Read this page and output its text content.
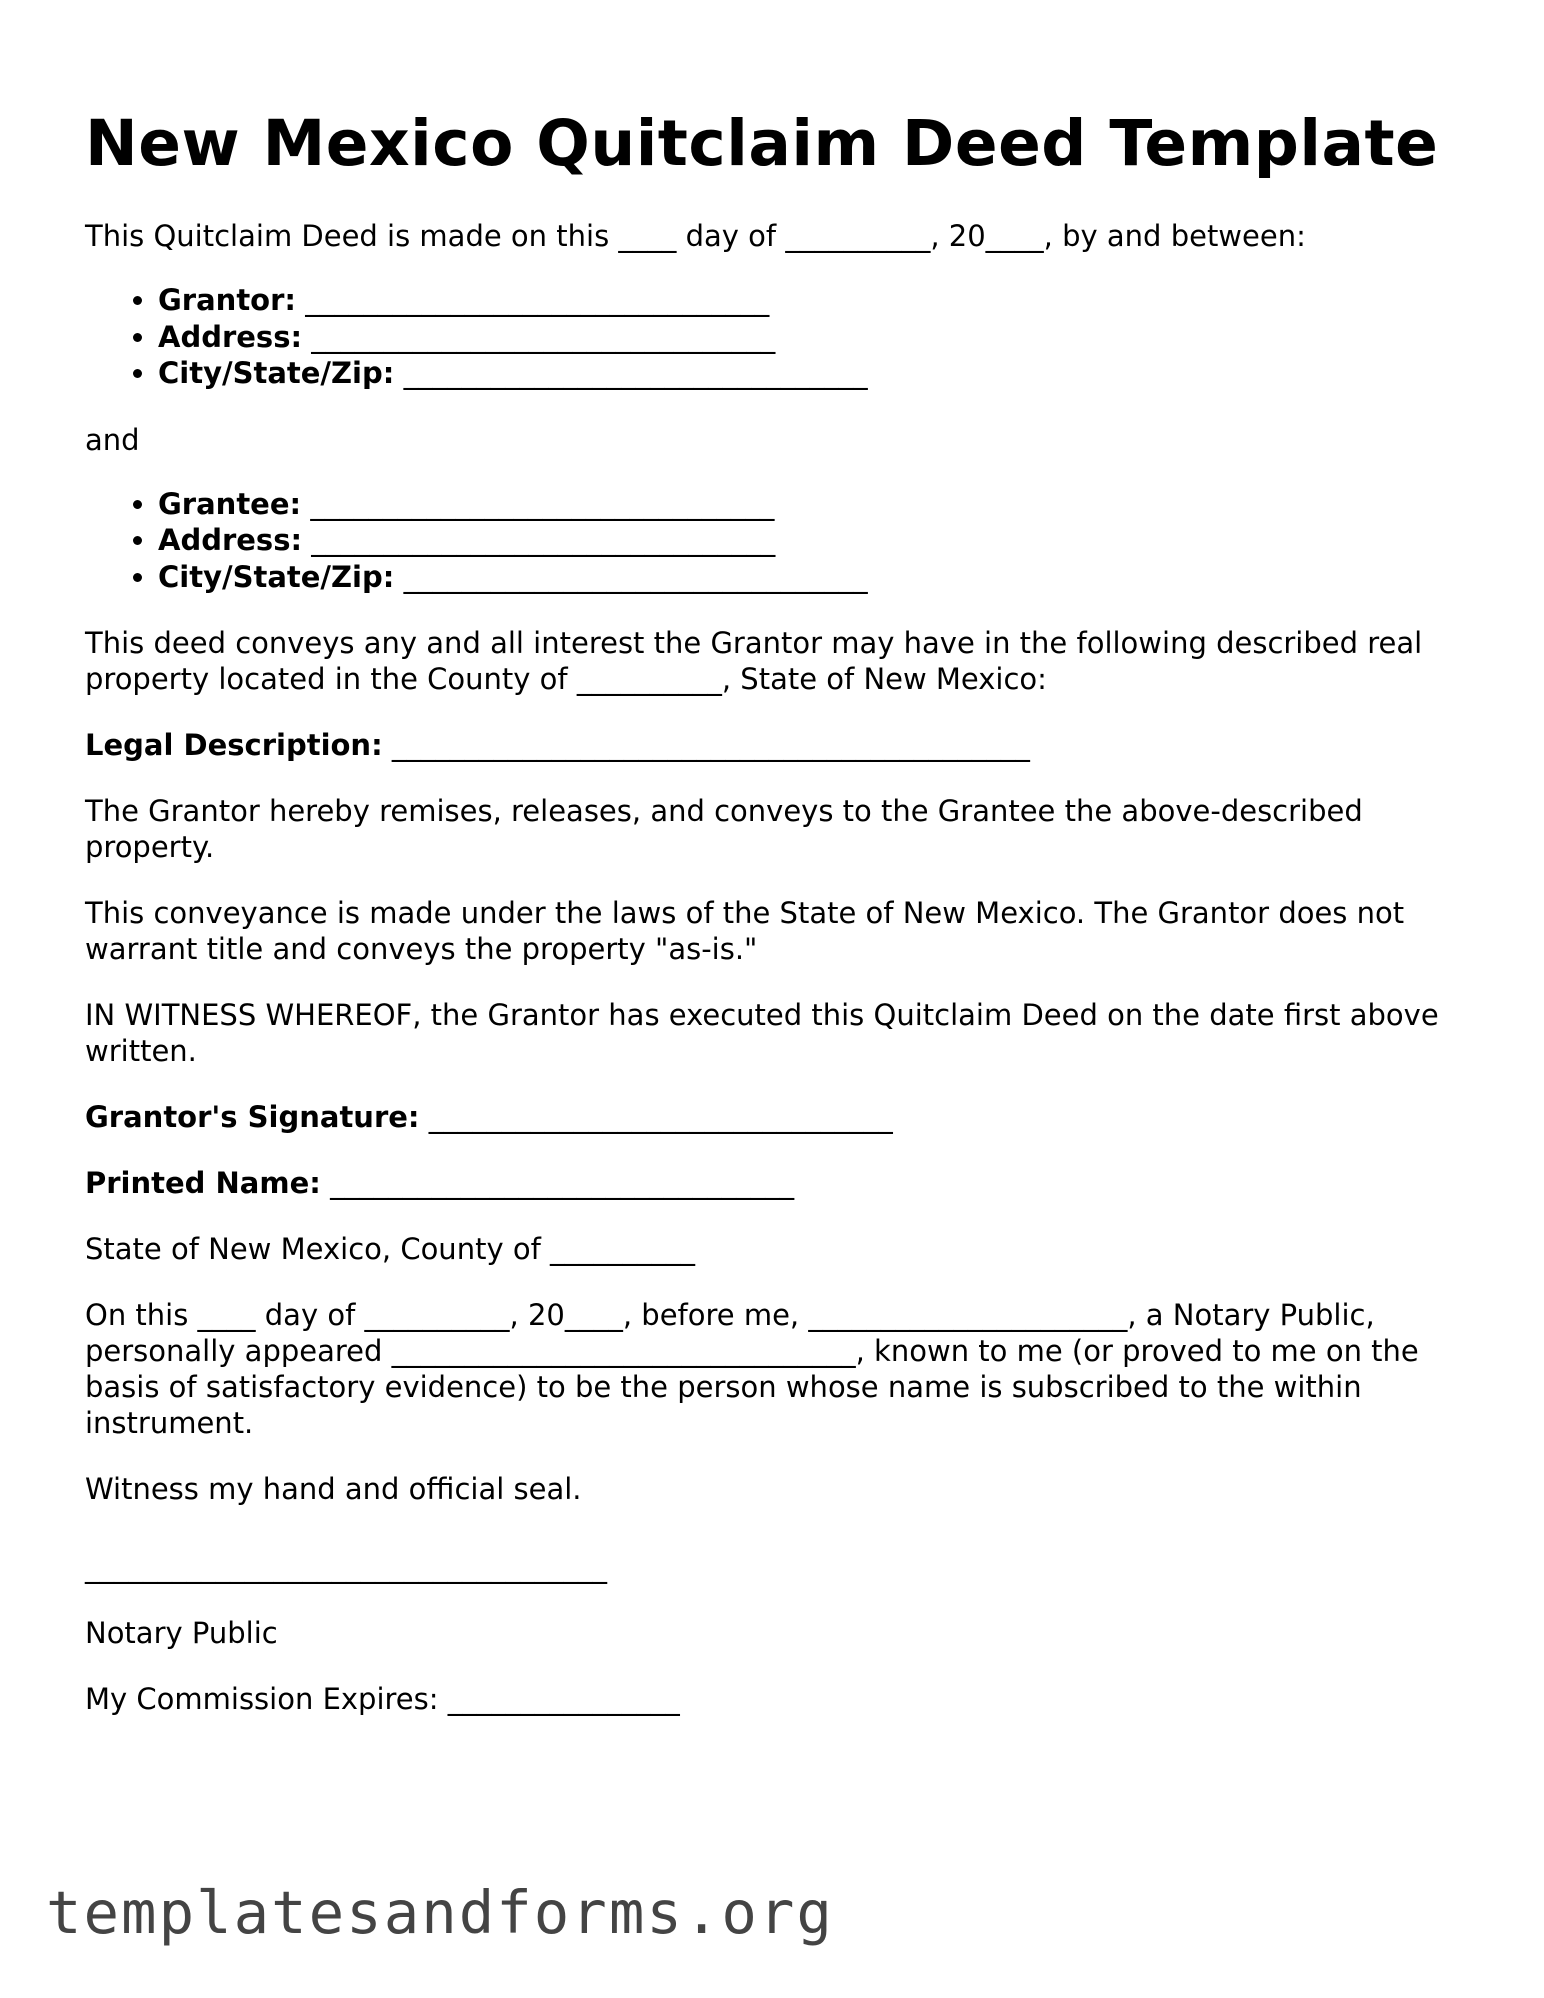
New Mexico Quitclaim Deed Template

This Quitclaim Deed is made on this ____ day of __________, 20____, by and between:

• Grantor: ________________________________
• Address: ________________________________
• City/State/Zip: ________________________________

and

• Grantee: ________________________________
• Address: ________________________________
• City/State/Zip: ________________________________

This deed conveys any and all interest the Grantor may have in the following described real property located in the County of __________, State of New Mexico:

Legal Description: ____________________________________________

The Grantor hereby remises, releases, and conveys to the Grantee the above-described property.

This conveyance is made under the laws of the State of New Mexico. The Grantor does not warrant title and conveys the property "as-is."

IN WITNESS WHEREOF, the Grantor has executed this Quitclaim Deed on the date first above written.

Grantor's Signature: ________________________________

Printed Name: ________________________________

State of New Mexico, County of __________

On this ____ day of __________, 20____, before me, ______________________, a Notary Public, personally appeared ________________________________, known to me (or proved to me on the basis of satisfactory evidence) to be the person whose name is subscribed to the within instrument.

Witness my hand and official seal.

____________________________________

Notary Public

My Commission Expires: ________________

templatesandforms.org
